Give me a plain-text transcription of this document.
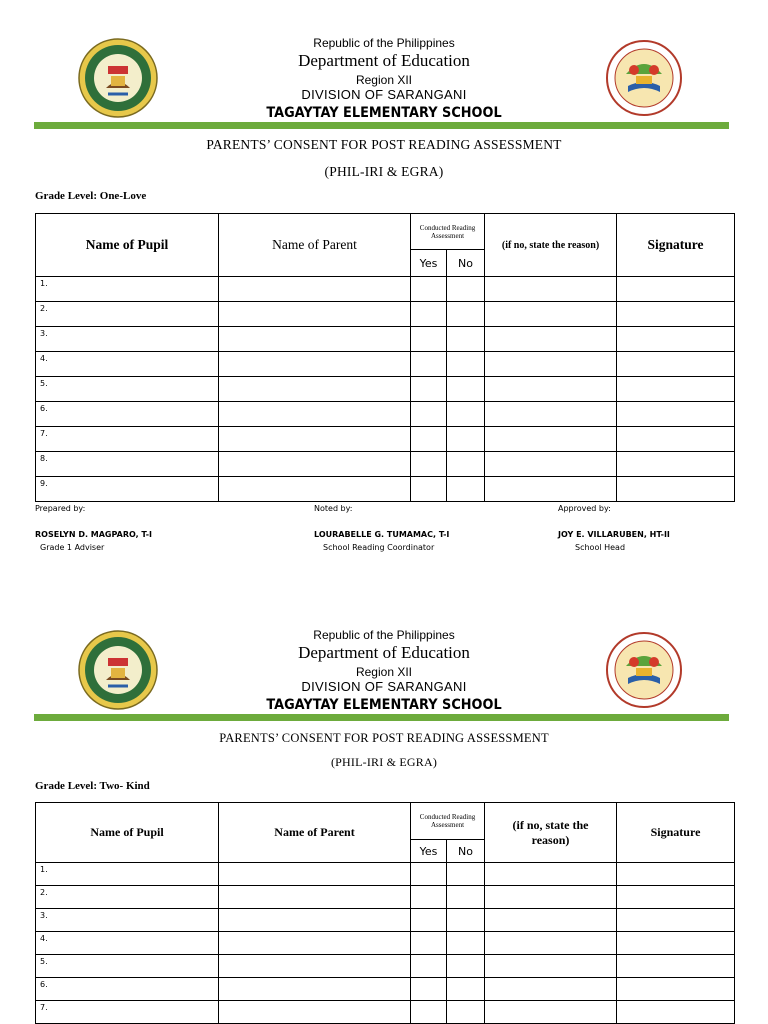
Republic of the Philippines
Department of Education
Region XII
DIVISION OF SARANGANI
TAGAYTAY ELEMENTARY SCHOOL
PARENTS’ CONSENT FOR POST READING ASSESSMENT
(PHIL-IRI & EGRA)
Grade Level: One-Love
Name of Pupil	Name of Parent	Conducted Reading Assessment		(if no, state the reason)	Signature
		Yes	No		
1.					
2.					
3.					
4.					
5.					
6.					
7.					
8.					
9.					
Prepared by:	Noted by:	Approved by:
ROSELYN D. MAGPARO, T-I	LOURABELLE G. TUMAMAC, T-I	JOY E. VILLARUBEN, HT-II
Grade 1 Adviser	School Reading Coordinator	School Head
Republic of the Philippines
Department of Education
Region XII
DIVISION OF SARANGANI
TAGAYTAY ELEMENTARY SCHOOL
PARENTS’ CONSENT FOR POST READING ASSESSMENT
(PHIL-IRI & EGRA)
Grade Level: Two- Kind
Name of Pupil	Name of Parent	Conducted Reading Assessment		(if no, state the reason)	Signature
		Yes	No		
1.					
2.					
3.					
4.					
5.					
6.					
7.					
